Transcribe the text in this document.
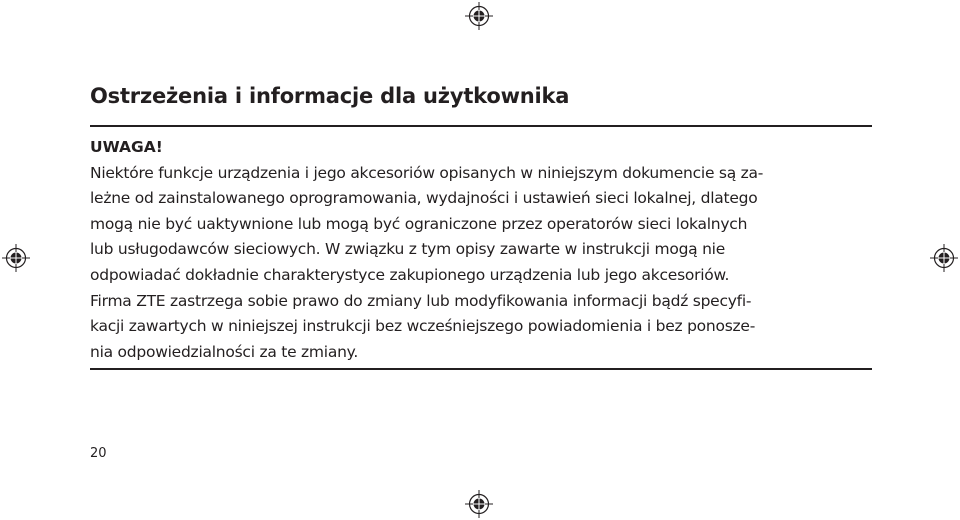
Ostrzeżenia i informacje dla użytkownika
UWAGA!
Niektóre funkcje urządzenia i jego akcesoriów opisanych w niniejszym dokumencie są za-
leżne od zainstalowanego oprogramowania, wydajności i ustawień sieci lokalnej, dlatego
mogą nie być uaktywnione lub mogą być ograniczone przez operatorów sieci lokalnych
lub usługodawców sieciowych. W związku z tym opisy zawarte w instrukcji mogą nie
odpowiadać dokładnie charakterystyce zakupionego urządzenia lub jego akcesoriów.
Firma ZTE zastrzega sobie prawo do zmiany lub modyfikowania informacji bądź specyfi-
kacji zawartych w niniejszej instrukcji bez wcześniejszego powiadomienia i bez ponosze-
nia odpowiedzialności za te zmiany.
20
